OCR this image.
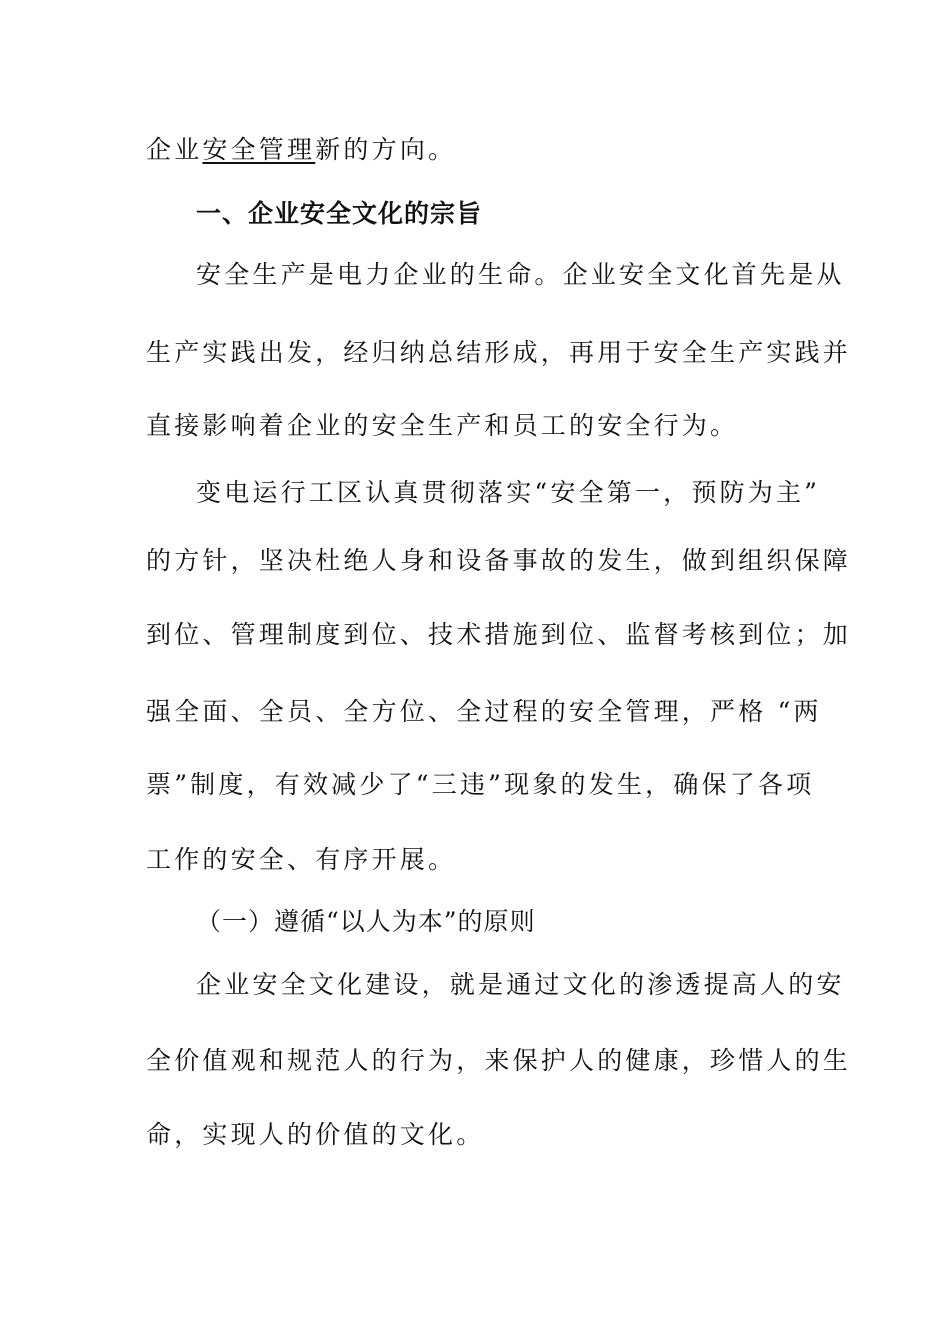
企业安全管理新的方向。
一、企业安全文化的宗旨
安全生产是电力企业的生命。企业安全文化首先是从
生产实践出发，经归纳总结形成，再用于安全生产实践并
直接影响着企业的安全生产和员工的安全行为。
变电运行工区认真贯彻落实“安全第一，预防为主”
的方针，坚决杜绝人身和设备事故的发生，做到组织保障
到位、管理制度到位、技术措施到位、监督考核到位；加
强全面、全员、全方位、全过程的安全管理，严格 “两
票”制度，有效减少了“三违”现象的发生，确保了各项
工作的安全、有序开展。
（一）遵循“以人为本”的原则
企业安全文化建设，就是通过文化的渗透提高人的安
全价值观和规范人的行为，来保护人的健康，珍惜人的生
命，实现人的价值的文化。
